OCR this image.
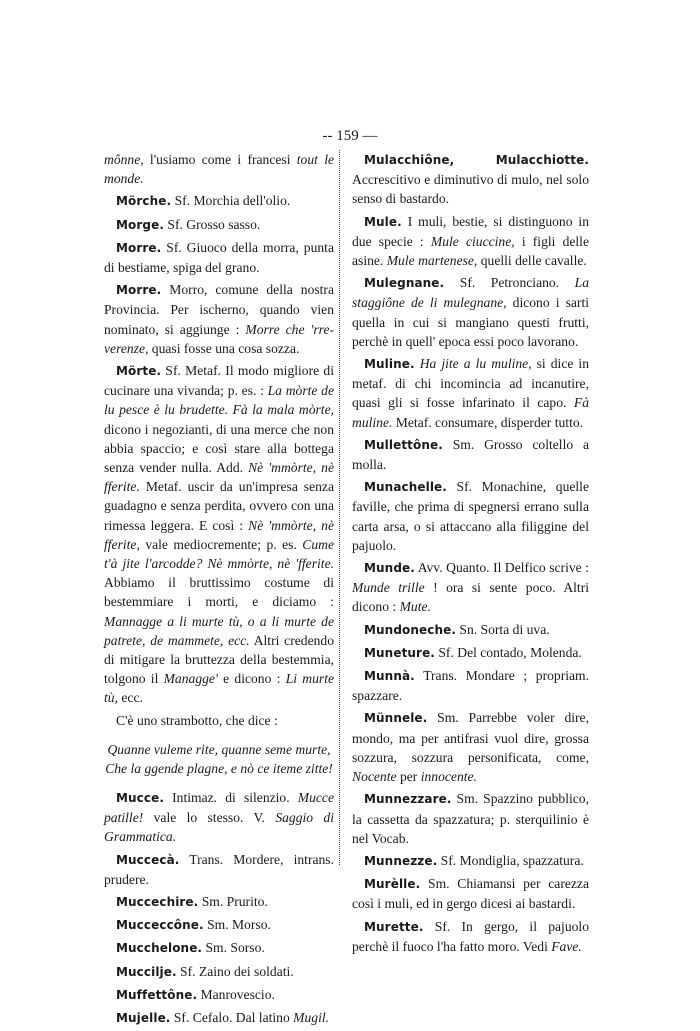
-- 159 —
mônne, l'usiamo come i francesi tout le monde.
Mörche. Sf. Morchia dell'olio.
Morge. Sf. Grosso sasso.
Morre. Sf. Giuoco della morra, punta di bestiame, spiga del grano.
Morre. Morro, comune della nostra Provincia. Per ischerno, quando vien nominato, si aggiunge : Morre che 'rre-verenze, quasi fosse una cosa sozza.
Mörte. Sf. Metaf. Il modo migliore di cucinare una vivanda; p. es. : La mòrte de lu pesce è lu brudette. Fà la mala mòrte, dicono i negozianti, di una merce che non abbia spaccio; e così stare alla bottega senza vender nulla. Add. Nè 'mmòrte, nè fferite. Metaf. uscir da un'impresa senza guadagno e senza perdita, ovvero con una rimessa leggera. E così : Nè 'mmòrte, nè fferite, vale mediocremente; p. es. Cume t'à jite l'arcodde? Nè mmòrte, nè 'fferite. Abbiamo il bruttissimo costume di bestemmiare i morti, e diciamo : Mannagge a li murte tù, o a li murte de patrete, de mammete, ecc. Altri credendo di mitigare la bruttezza della bestemmia, tolgono il Managge' e dicono : Li murte tù, ecc.
C'è uno strambotto, che dice :
Quanne vuleme rite, quanne seme murte,
Che la ggende plagne, e nò ce iteme zitte!
Mucce. Intimaz. di silenzio. Mucce patille! vale lo stesso. V. Saggio di Grammatica.
Muccecà. Trans. Mordere, intrans. prudere.
Muccechire. Sm. Prurito.
Mucceccône. Sm. Morso.
Mucchelone. Sm. Sorso.
Muccilje. Sf. Zaino dei soldati.
Muffettône. Manrovescio.
Mujelle. Sf. Cefalo. Dal latino Mugil.
Mulacchiône, Mulacchiotte. Accrescitivo e diminutivo di mulo, nel solo senso di bastardo.
Mule. I muli, bestie, si distinguono in due specie : Mule ciuccine, i figli delle asine. Mule martenese, quelli delle cavalle.
Mulegnane. Sf. Petronciano. La staggiône de li mulegnane, dicono i sarti quella in cui si mangiano questi frutti, perchè in quell' epoca essi poco lavorano.
Muline. Ha jite a lu muline, si dice in metaf. di chi incomincia ad incanutire, quasi gli si fosse infarinato il capo. Fà muline. Metaf. consumare, disperder tutto.
Mullettône. Sm. Grosso coltello a molla.
Munachelle. Sf. Monachine, quelle faville, che prima di spegnersi errano sulla carta arsa, o si attaccano alla filiggine del pajuolo.
Munde. Avv. Quanto. Il Delfico scrive : Munde trille ! ora si sente poco. Altri dicono : Mute.
Mundoneche. Sn. Sorta di uva.
Muneture. Sf. Del contado, Molenda.
Munnà. Trans. Mondare ; propriam. spazzare.
Münnele. Sm. Parrebbe voler dire, mondo, ma per antifrasi vuol dire, grossa sozzura, sozzura personificata, come, Nocente per innocente.
Munnezzare. Sm. Spazzino pubblico, la cassetta da spazzatura; p. sterquilinio è nel Vocab.
Munnezze. Sf. Mondiglia, spazzatura.
Murèlle. Sm. Chiamansi per carezza così i muli, ed in gergo dicesi ai bastardi.
Murette. Sf. In gergo, il pajuolo perchè il fuoco l'ha fatto moro. Vedi Fave.
